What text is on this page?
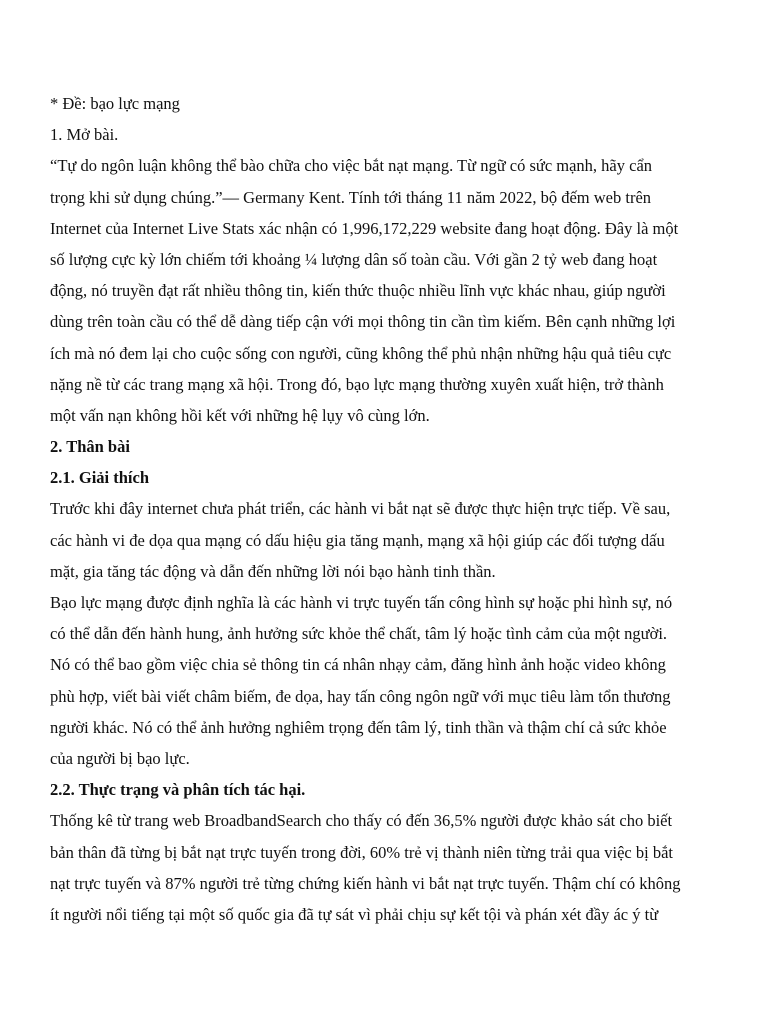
* Đề: bạo lực mạng
1. Mở bài.
“Tự do ngôn luận không thể bào chữa cho việc bắt nạt mạng. Từ ngữ có sức mạnh, hãy cẩn
trọng khi sử dụng chúng.”— Germany Kent. Tính tới tháng 11 năm 2022, bộ đếm web trên
Internet của Internet Live Stats xác nhận có 1,996,172,229 website đang hoạt động. Đây là một
số lượng cực kỳ lớn chiếm tới khoảng ¼ lượng dân số toàn cầu. Với gần 2 tỷ web đang hoạt
động, nó truyền đạt rất nhiều thông tin, kiến thức thuộc nhiều lĩnh vực khác nhau, giúp người
dùng trên toàn cầu có thể dễ dàng tiếp cận với mọi thông tin cần tìm kiếm. Bên cạnh những lợi
ích mà nó đem lại cho cuộc sống con người, cũng không thể phủ nhận những hậu quả tiêu cực
nặng nề từ các trang mạng xã hội. Trong đó, bạo lực mạng thường xuyên xuất hiện, trở thành
một vấn nạn không hồi kết với những hệ lụy vô cùng lớn.
2. Thân bài
2.1. Giải thích
Trước khi đây internet chưa phát triển, các hành vi bắt nạt sẽ được thực hiện trực tiếp. Về sau,
các hành vi đe dọa qua mạng có dấu hiệu gia tăng mạnh, mạng xã hội giúp các đối tượng dấu
mặt, gia tăng tác động và dẫn đến những lời nói bạo hành tinh thần.
Bạo lực mạng được định nghĩa là các hành vi trực tuyến tấn công hình sự hoặc phi hình sự, nó
có thể dẫn đến hành hung, ảnh hưởng sức khỏe thể chất, tâm lý hoặc tình cảm của một người.
Nó có thể bao gồm việc chia sẻ thông tin cá nhân nhạy cảm, đăng hình ảnh hoặc video không
phù hợp, viết bài viết châm biếm, đe dọa, hay tấn công ngôn ngữ với mục tiêu làm tổn thương
người khác. Nó có thể ảnh hưởng nghiêm trọng đến tâm lý, tinh thần và thậm chí cả sức khỏe
của người bị bạo lực.
2.2. Thực trạng và phân tích tác hại.
Thống kê từ trang web BroadbandSearch cho thấy có đến 36,5% người được khảo sát cho biết
bản thân đã từng bị bắt nạt trực tuyến trong đời, 60% trẻ vị thành niên từng trải qua việc bị bắt
nạt trực tuyến và 87% người trẻ từng chứng kiến hành vi bắt nạt trực tuyến. Thậm chí có không
ít người nổi tiếng tại một số quốc gia đã tự sát vì phải chịu sự kết tội và phán xét đầy ác ý từ
